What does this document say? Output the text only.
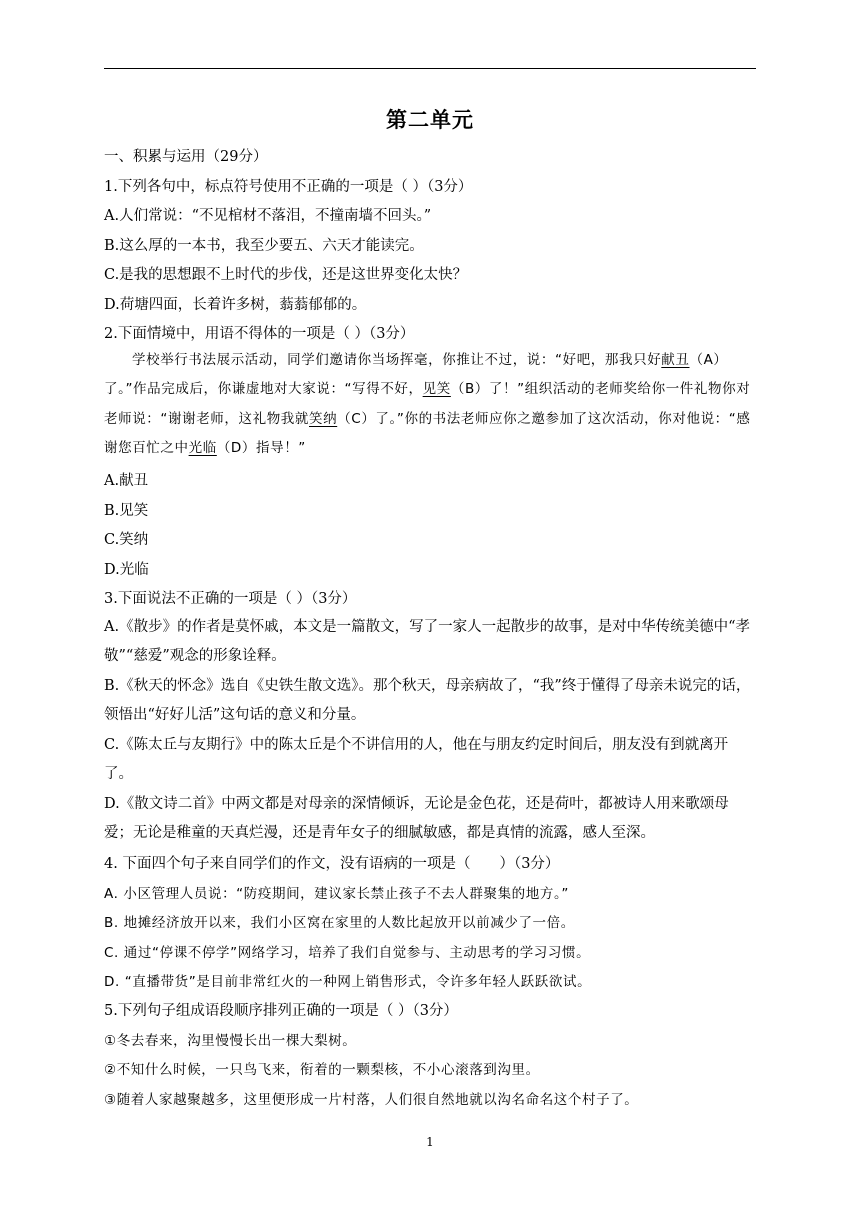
第二单元
一、积累与运用（29分）
1.下列各句中，标点符号使用不正确的一项是（ ）（3分）
A.人们常说：“不见棺材不落泪，不撞南墙不回头。”
B.这么厚的一本书，我至少要五、六天才能读完。
C.是我的思想跟不上时代的步伐，还是这世界变化太快？
D.荷塘四面，长着许多树，蓊蓊郁郁的。
2.下面情境中，用语不得体的一项是（ ）（3分）
学校举行书法展示活动，同学们邀请你当场挥毫，你推让不过，说：“好吧，那我只好献丑（A）了。”作品完成后，你谦虚地对大家说：“写得不好，见笑（B）了！”组织活动的老师奖给你一件礼物你对老师说：“谢谢老师，这礼物我就笑纳（C）了。”你的书法老师应你之邀参加了这次活动，你对他说：“感谢您百忙之中光临（D）指导！”
A.献丑
B.见笑
C.笑纳
D.光临
3.下面说法不正确的一项是（ ）（3分）
A.《散步》的作者是莫怀戚，本文是一篇散文，写了一家人一起散步的故事，是对中华传统美德中“孝敬”“慈爱”观念的形象诠释。
B.《秋天的怀念》选自《史铁生散文选》。那个秋天，母亲病故了，“我”终于懂得了母亲未说完的话，领悟出“好好儿活”这句话的意义和分量。
C.《陈太丘与友期行》中的陈太丘是个不讲信用的人，他在与朋友约定时间后，朋友没有到就离开了。
D.《散文诗二首》中两文都是对母亲的深情倾诉，无论是金色花，还是荷叶，都被诗人用来歌颂母爱；无论是稚童的天真烂漫，还是青年女子的细腻敏感，都是真情的流露，感人至深。
4. 下面四个句子来自同学们的作文，没有语病的一项是（　　）（3分）
A. 小区管理人员说：“防疫期间，建议家长禁止孩子不去人群聚集的地方。”
B. 地摊经济放开以来，我们小区窝在家里的人数比起放开以前减少了一倍。
C. 通过“停课不停学”网络学习，培养了我们自觉参与、主动思考的学习习惯。
D. “直播带货”是目前非常红火的一种网上销售形式，令许多年轻人跃跃欲试。
5.下列句子组成语段顺序排列正确的一项是（ ）（3分）
①冬去春来，沟里慢慢长出一棵大梨树。
②不知什么时候，一只鸟飞来，衔着的一颗梨核，不小心滚落到沟里。
③随着人家越聚越多，这里便形成一片村落，人们很自然地就以沟名命名这个村子了。
1
